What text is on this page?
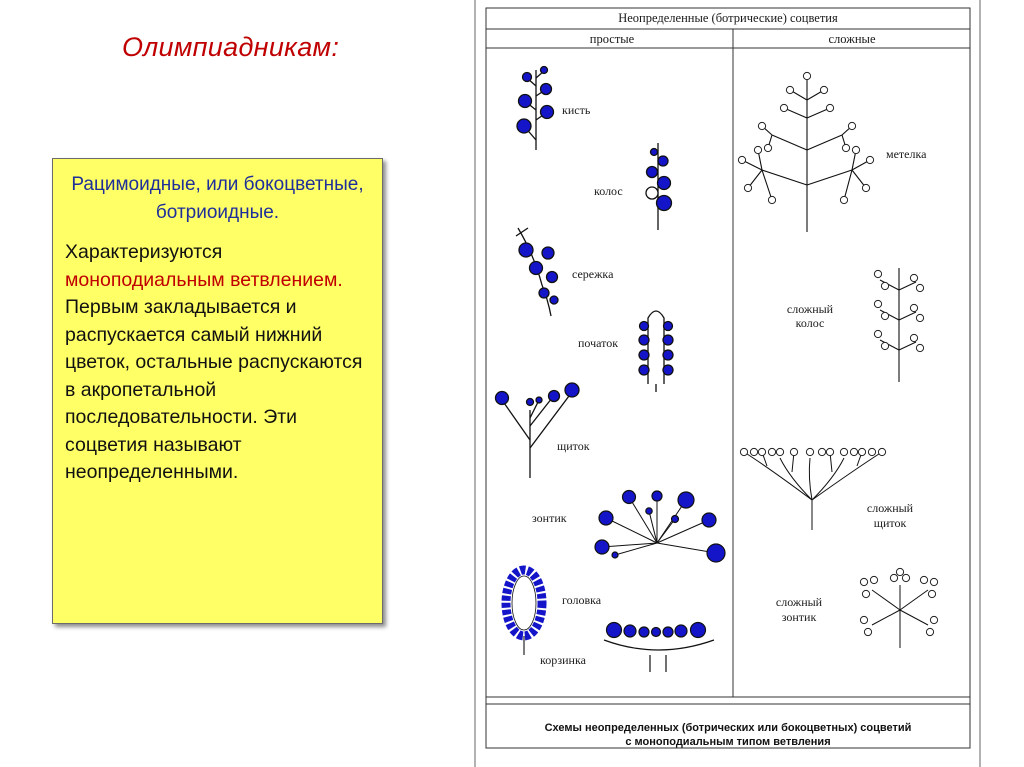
Олимпиадникам:

Рацимоидные, или бокоцветные, ботриоидные.

Характеризуются моноподиальным ветвлением. Первым закладывается и распускается самый нижний цветок, остальные распускаются в акропетальной последовательности. Эти соцветия называют неопределенными.

Неопределенные (ботрические) соцветия
простые	сложные
кисть
колос
сережка
початок
щиток
зонтик
головка
корзинка
метелка
сложный
колос
сложный
щиток
сложный
зонтик
Схемы неопределенных (ботрических или бокоцветных) соцветий
с моноподиальным типом ветвления
